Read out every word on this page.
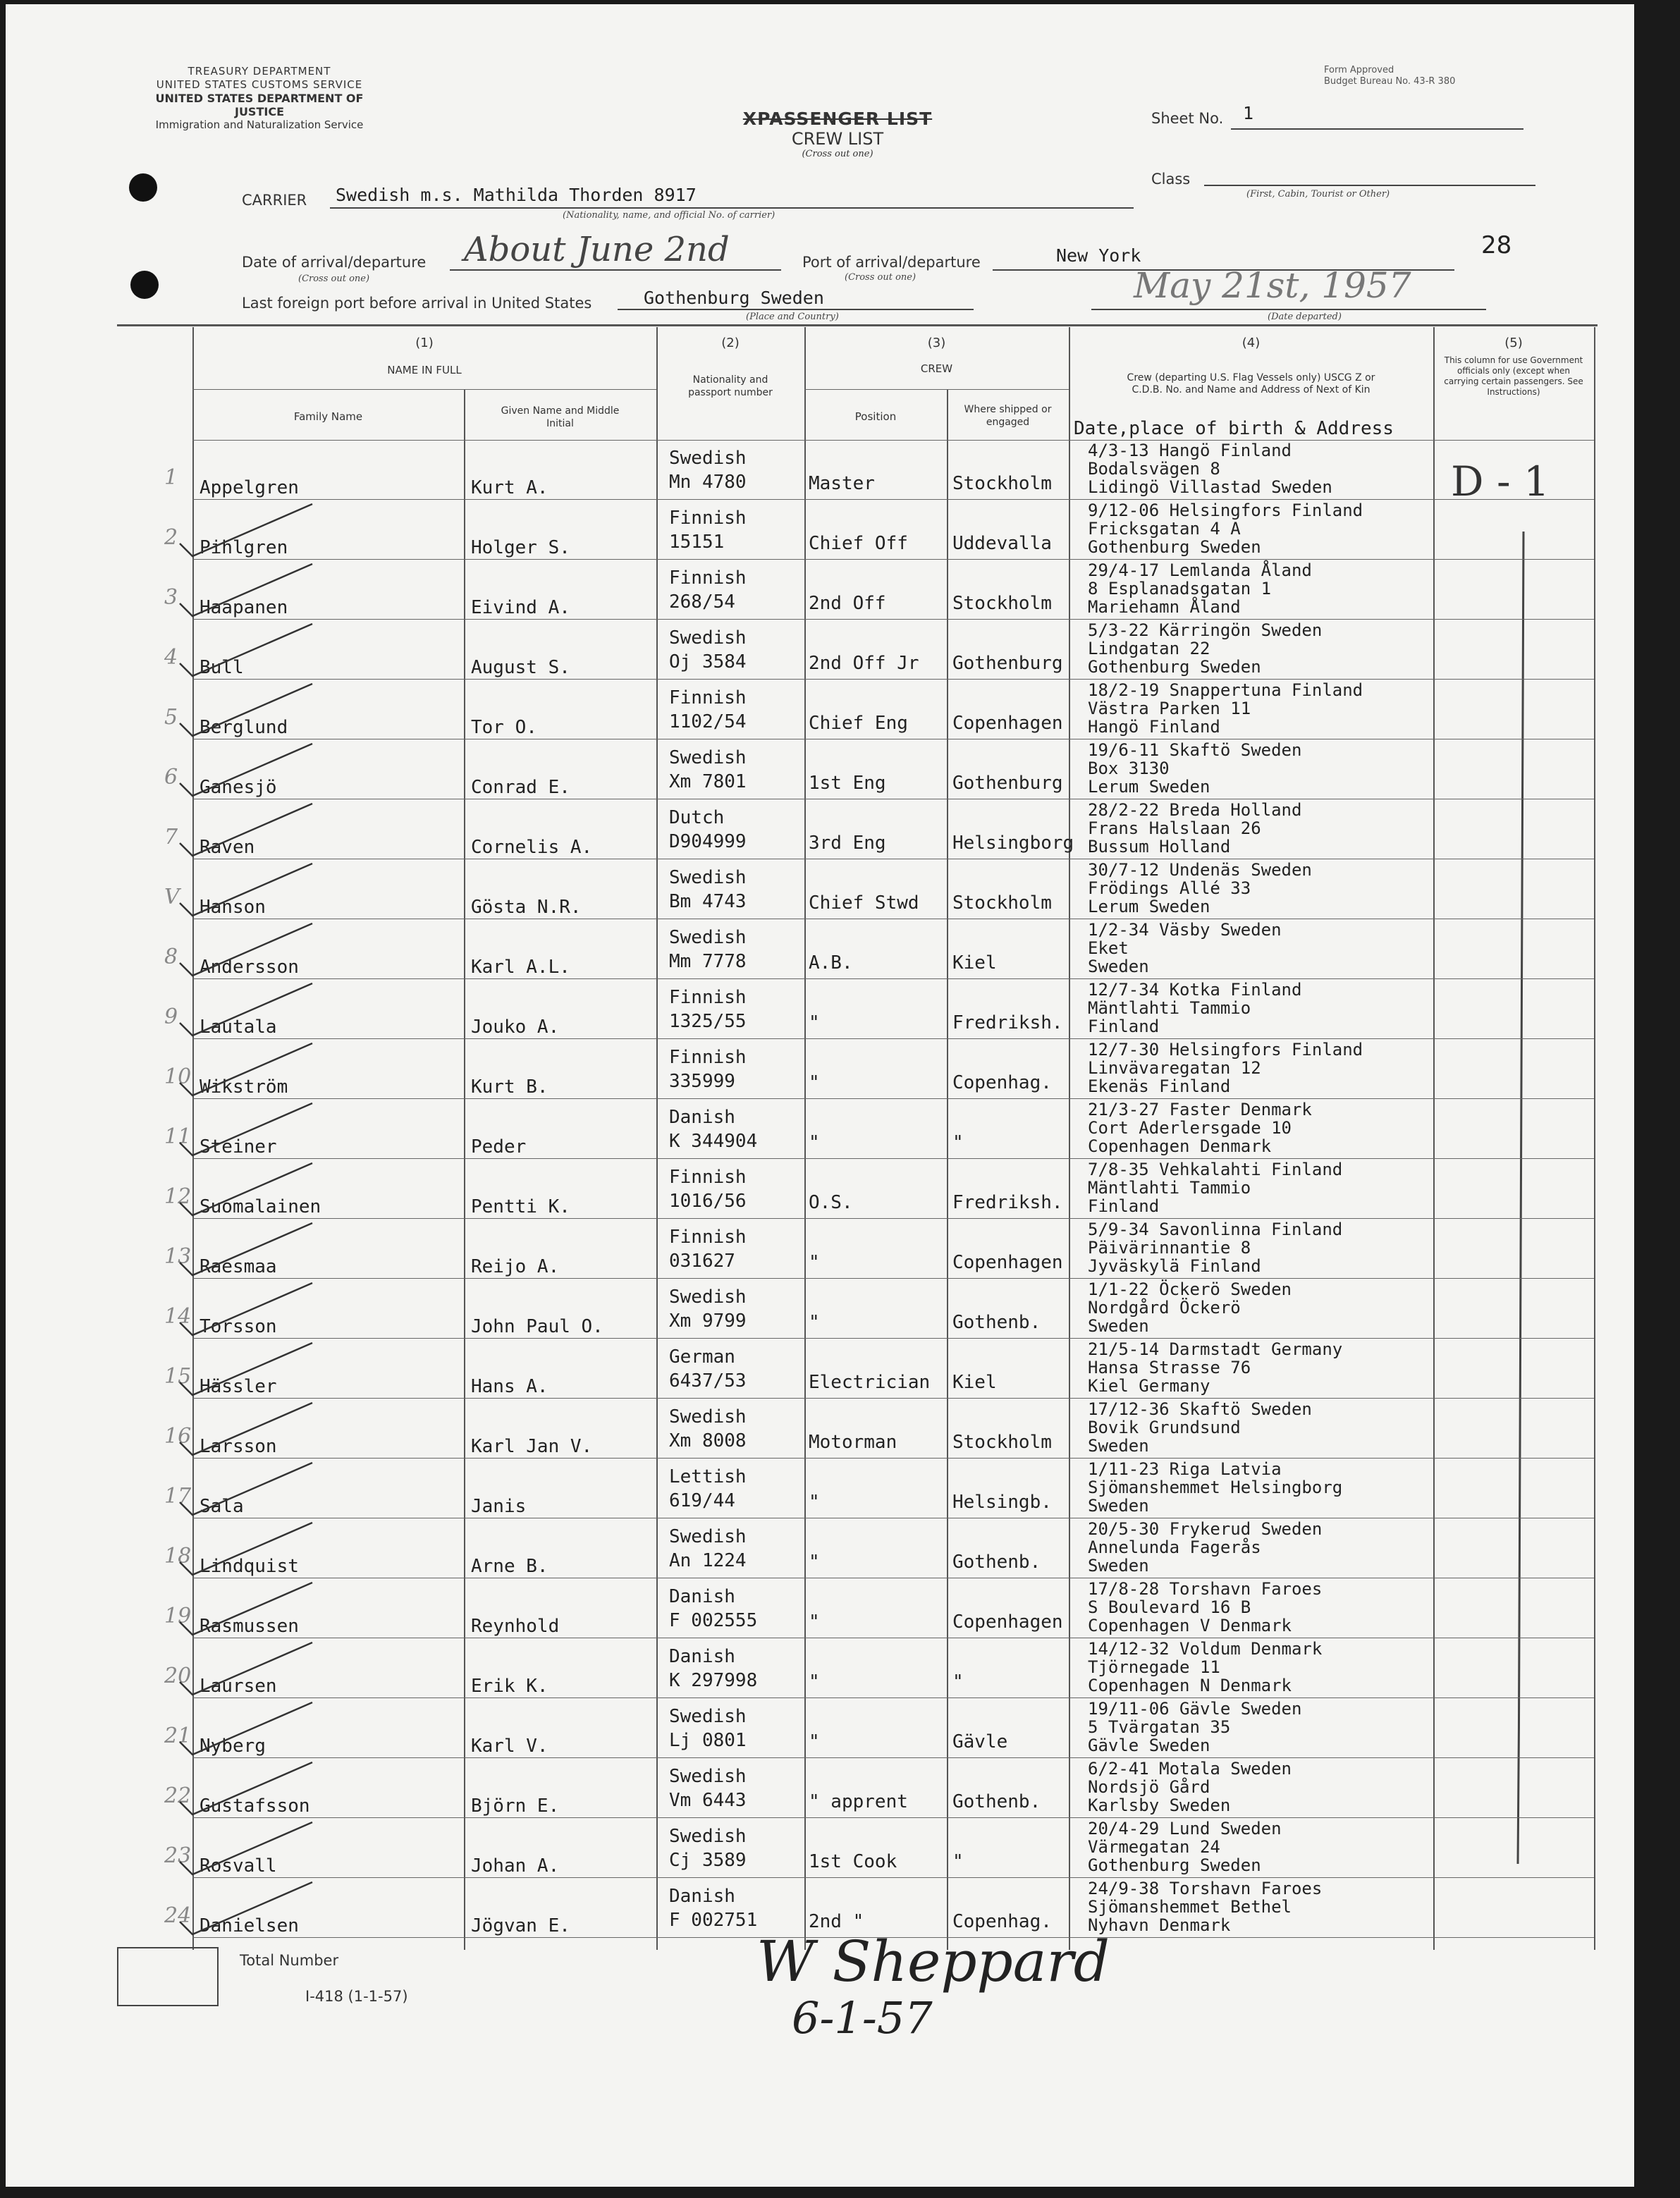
TREASURY DEPARTMENT
UNITED STATES CUSTOMS SERVICE
UNITED STATES DEPARTMENT OF JUSTICE
Immigration and Naturalization Service
Form Approved
Budget Bureau No. 43-R 380
XPASSENGER LIST
CREW LIST
(Cross out one)
Sheet No. 1
Class
(First, Cabin, Tourist or Other)
CARRIER Swedish m.s. Mathilda Thorden 8917
(Nationality, name, and official No. of carrier)
Date of arrival/departure About June 2nd
(Cross out one)
Port of arrival/departure	New York
(Cross out one)
28
Last foreign port before arrival in United States	Gothenburg Sweden
(Place and Country)
May 21st, 1957
(Date departed)
(1)
NAME IN FULL
Family Name	Given Name and Middle Initial
(2)
Nationality and passport number
(3)
CREW
Position
Where shipped or engaged
(4)
Crew (departing U.S. Flag Vessels only) USCG Z or C.D.B. No. and Name and Address of Next of Kin
Date,place of birth & Address
(5)
This column for use Government officials only (except when carrying certain passengers. See Instructions)
D - 1
1 Appelgren	Kurt A.
Swedish
Mn 4780	Master	Stockholm
4/3-13 Hangö Finland
Bodalsvägen 8
Lidingö Villastad Sweden
2 Pihlgren	Holger S.
Finnish
15151	Chief Off Uddevalla
9/12-06 Helsingfors Finland
Fricksgatan 4 A
Gothenburg Sweden
3 Haapanen	Eivind A.
Finnish
268/54	2nd Off	Stockholm
29/4-17 Lemlanda Åland
8 Esplanadsgatan 1
Mariehamn Åland
4 Bull	August S.
Swedish
Oj 3584	2nd Off Jr Gothenburg
5/3-22 Kärringön Sweden
Lindgatan 22
Gothenburg Sweden
5 Berglund	Tor O.
Finnish
1102/54	Chief Eng Copenhagen
18/2-19 Snappertuna Finland
Västra Parken 11
Hangö Finland
6 Ganesjö	Conrad E.
Swedish
Xm 7801	1st Eng	Gothenburg
19/6-11 Skaftö Sweden
Box 3130
Lerum Sweden
7 Raven	Cornelis A.
Dutch
D904999	3rd Eng	Helsingborg
28/2-22 Breda Holland
Frans Halslaan 26
Bussum Holland
V Hanson	Gösta N.R.
Swedish
Bm 4743	Chief Stwd Stockholm
30/7-12 Undenäs Sweden
Frödings Allé 33
Lerum Sweden
8 Andersson	Karl A.L.
Swedish
Mm 7778	A.B.	Kiel
1/2-34 Väsby Sweden
Eket
Sweden
9 Lautala	Jouko A.
Finnish
1325/55	"	Fredriksh.
12/7-34 Kotka Finland
Mäntlahti Tammio
Finland
10 Wikström	Kurt B.
Finnish
335999	"	Copenhag.
12/7-30 Helsingfors Finland
Linvävaregatan 12
Ekenäs Finland
11 Steiner	Peder
Danish
K 344904	"	"
21/3-27 Faster Denmark
Cort Aderlersgade 10
Copenhagen Denmark
12 Suomalainen	Pentti K.
Finnish
1016/56	O.S.	Fredriksh.
7/8-35 Vehkalahti Finland
Mäntlahti Tammio
Finland
13 Raesmaa	Reijo A.
Finnish
031627	"	Copenhagen
5/9-34 Savonlinna Finland
Päivärinnantie 8
Jyväskylä Finland
14 Torsson	John Paul O.
Swedish
Xm 9799	"	Gothenb.
1/1-22 Öckerö Sweden
Nordgård Öckerö
Sweden
15 Hässler	Hans A.
German
6437/53	Electrician Kiel
21/5-14 Darmstadt Germany
Hansa Strasse 76
Kiel Germany
16 Larsson	Karl Jan V.
Swedish
Xm 8008	Motorman	Stockholm
17/12-36 Skaftö Sweden
Bovik Grundsund
Sweden
17 Sala	Janis
Lettish
619/44	"	Helsingb.
1/11-23 Riga Latvia
Sjömanshemmet Helsingborg
Sweden
18 Lindquist	Arne B.
Swedish
An 1224	"	Gothenb.
20/5-30 Frykerud Sweden
Annelunda Fagerås
Sweden
19 Rasmussen	Reynhold
Danish
F 002555	"	Copenhagen
17/8-28 Torshavn Faroes
S Boulevard 16 B
Copenhagen V Denmark
20 Laursen	Erik K.
Danish
K 297998	"	"
14/12-32 Voldum Denmark
Tjörnegade 11
Copenhagen N Denmark
21 Nyberg	Karl V.
Swedish
Lj 0801	"	Gävle
19/11-06 Gävle Sweden
5 Tvärgatan 35
Gävle Sweden
22 Gustafsson	Björn E.
Swedish
Vm 6443	" apprent Gothenb.
6/2-41 Motala Sweden
Nordsjö Gård
Karlsby Sweden
23 Rosvall	Johan A.
Swedish
Cj 3589	1st Cook	"
20/4-29 Lund Sweden
Värmegatan 24
Gothenburg Sweden
24 Danielsen	Jögvan E.
Danish
F 002751	2nd "	Copenhag.
24/9-38 Torshavn Faroes
Sjömanshemmet Bethel
Nyhavn Denmark
Total Number
I-418 (1-1-57)
W Sheppard
6-1-57
